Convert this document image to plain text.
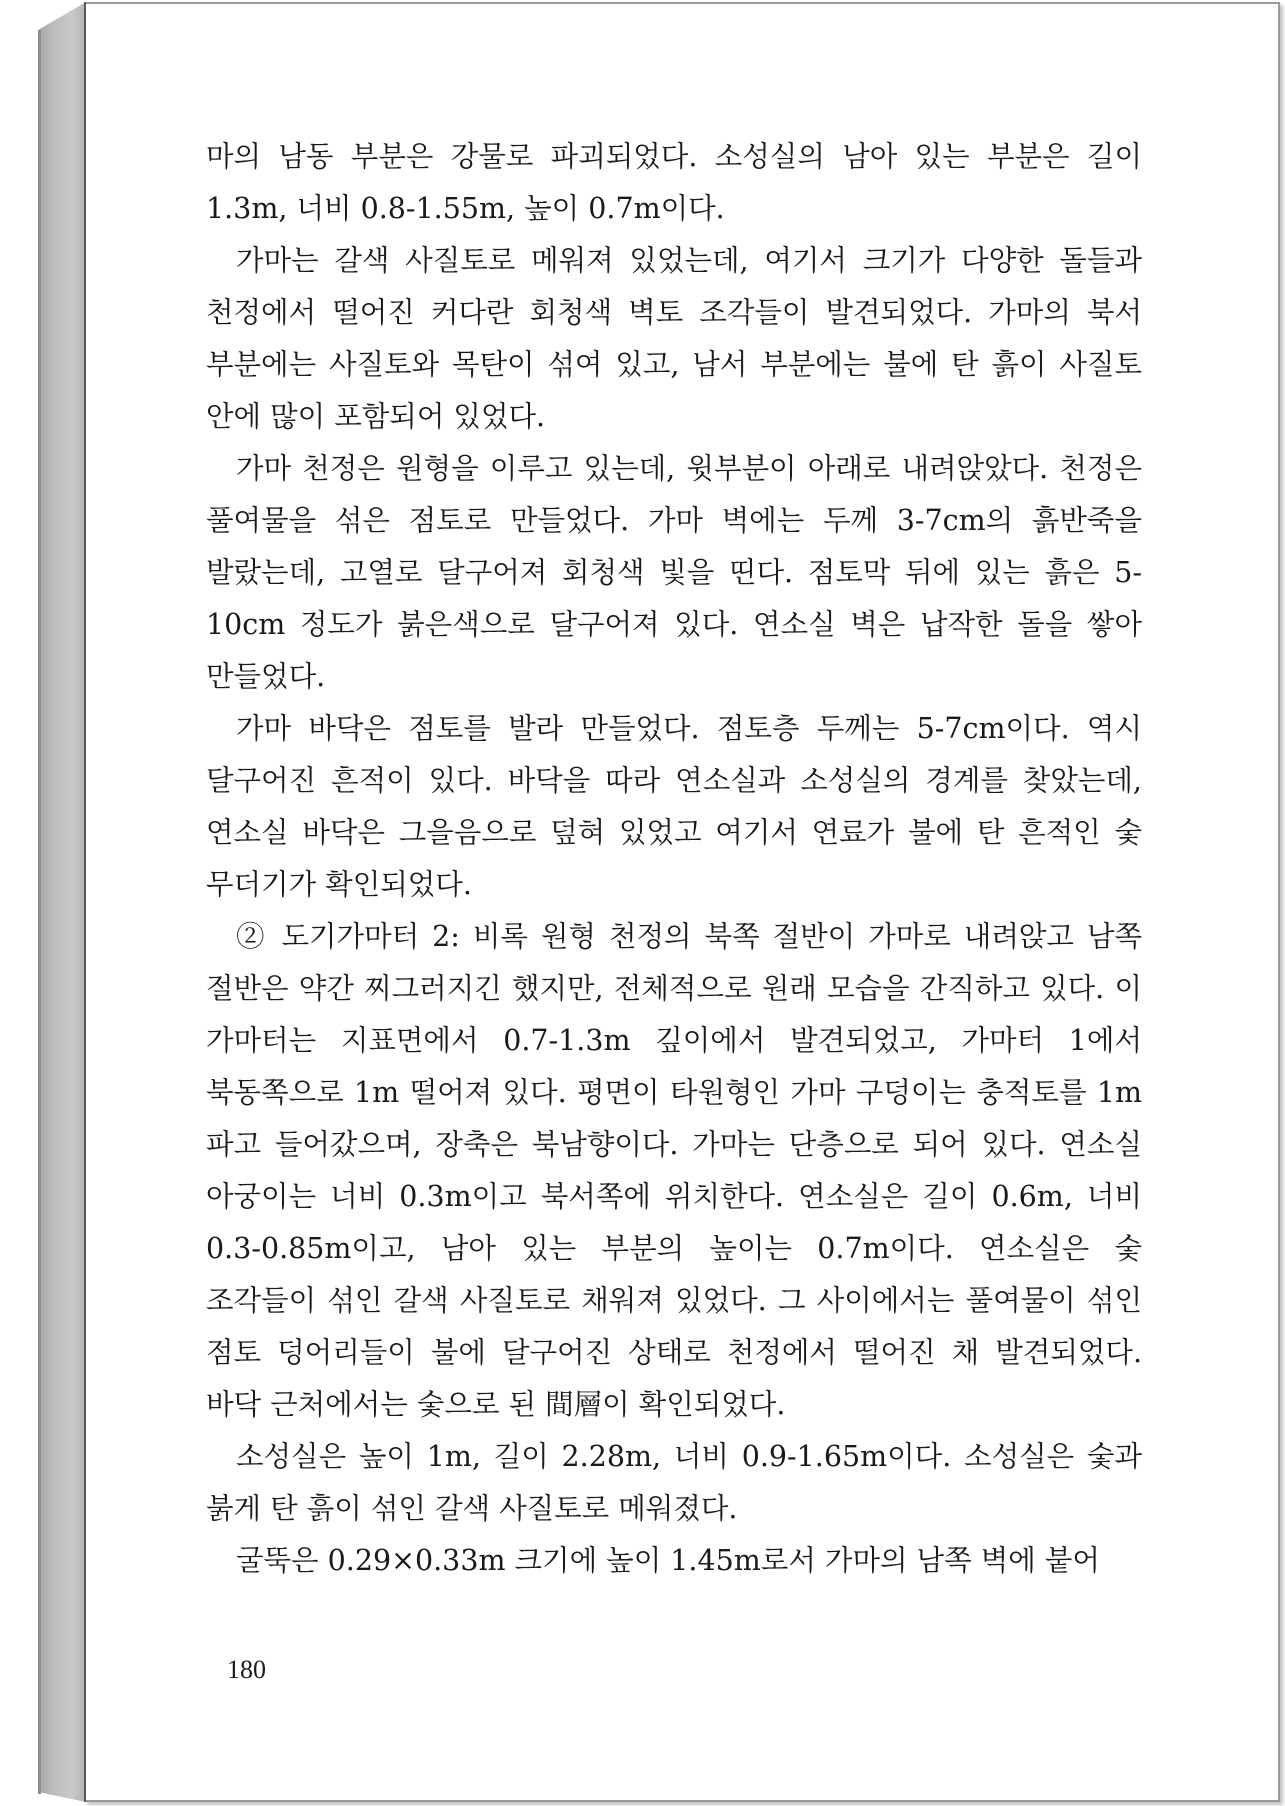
마의 남동 부분은 강물로 파괴되었다. 소성실의 남아 있는 부분은 길이 1.3m, 너비 0.8-1.55m, 높이 0.7m이다.

가마는 갈색 사질토로 메워져 있었는데, 여기서 크기가 다양한 돌들과 천정에서 떨어진 커다란 회청색 벽토 조각들이 발견되었다. 가마의 북서 부분에는 사질토와 목탄이 섞여 있고, 남서 부분에는 불에 탄 흙이 사질토 안에 많이 포함되어 있었다.

가마 천정은 원형을 이루고 있는데, 윗부분이 아래로 내려앉았다. 천정은 풀여물을 섞은 점토로 만들었다. 가마 벽에는 두께 3-7cm의 흙반죽을 발랐는데, 고열로 달구어져 회청색 빛을 띤다. 점토막 뒤에 있는 흙은 5-10cm 정도가 붉은색으로 달구어져 있다. 연소실 벽은 납작한 돌을 쌓아 만들었다.

가마 바닥은 점토를 발라 만들었다. 점토층 두께는 5-7cm이다. 역시 달구어진 흔적이 있다. 바닥을 따라 연소실과 소성실의 경계를 찾았는데, 연소실 바닥은 그을음으로 덮혀 있었고 여기서 연료가 불에 탄 흔적인 숯 무더기가 확인되었다.

② 도기가마터 2: 비록 원형 천정의 북쪽 절반이 가마로 내려앉고 남쪽 절반은 약간 찌그러지긴 했지만, 전체적으로 원래 모습을 간직하고 있다. 이 가마터는 지표면에서 0.7-1.3m 깊이에서 발견되었고, 가마터 1에서 북동쪽으로 1m 떨어져 있다. 평면이 타원형인 가마 구덩이는 충적토를 1m 파고 들어갔으며, 장축은 북남향이다. 가마는 단층으로 되어 있다. 연소실 아궁이는 너비 0.3m이고 북서쪽에 위치한다. 연소실은 길이 0.6m, 너비 0.3-0.85m이고, 남아 있는 부분의 높이는 0.7m이다. 연소실은 숯 조각들이 섞인 갈색 사질토로 채워져 있었다. 그 사이에서는 풀여물이 섞인 점토 덩어리들이 불에 달구어진 상태로 천정에서 떨어진 채 발견되었다. 바닥 근처에서는 숯으로 된 間層이 확인되었다.

소성실은 높이 1m, 길이 2.28m, 너비 0.9-1.65m이다. 소성실은 숯과 붉게 탄 흙이 섞인 갈색 사질토로 메워졌다.

굴뚝은 0.29×0.33m 크기에 높이 1.45m로서 가마의 남쪽 벽에 붙어

180
